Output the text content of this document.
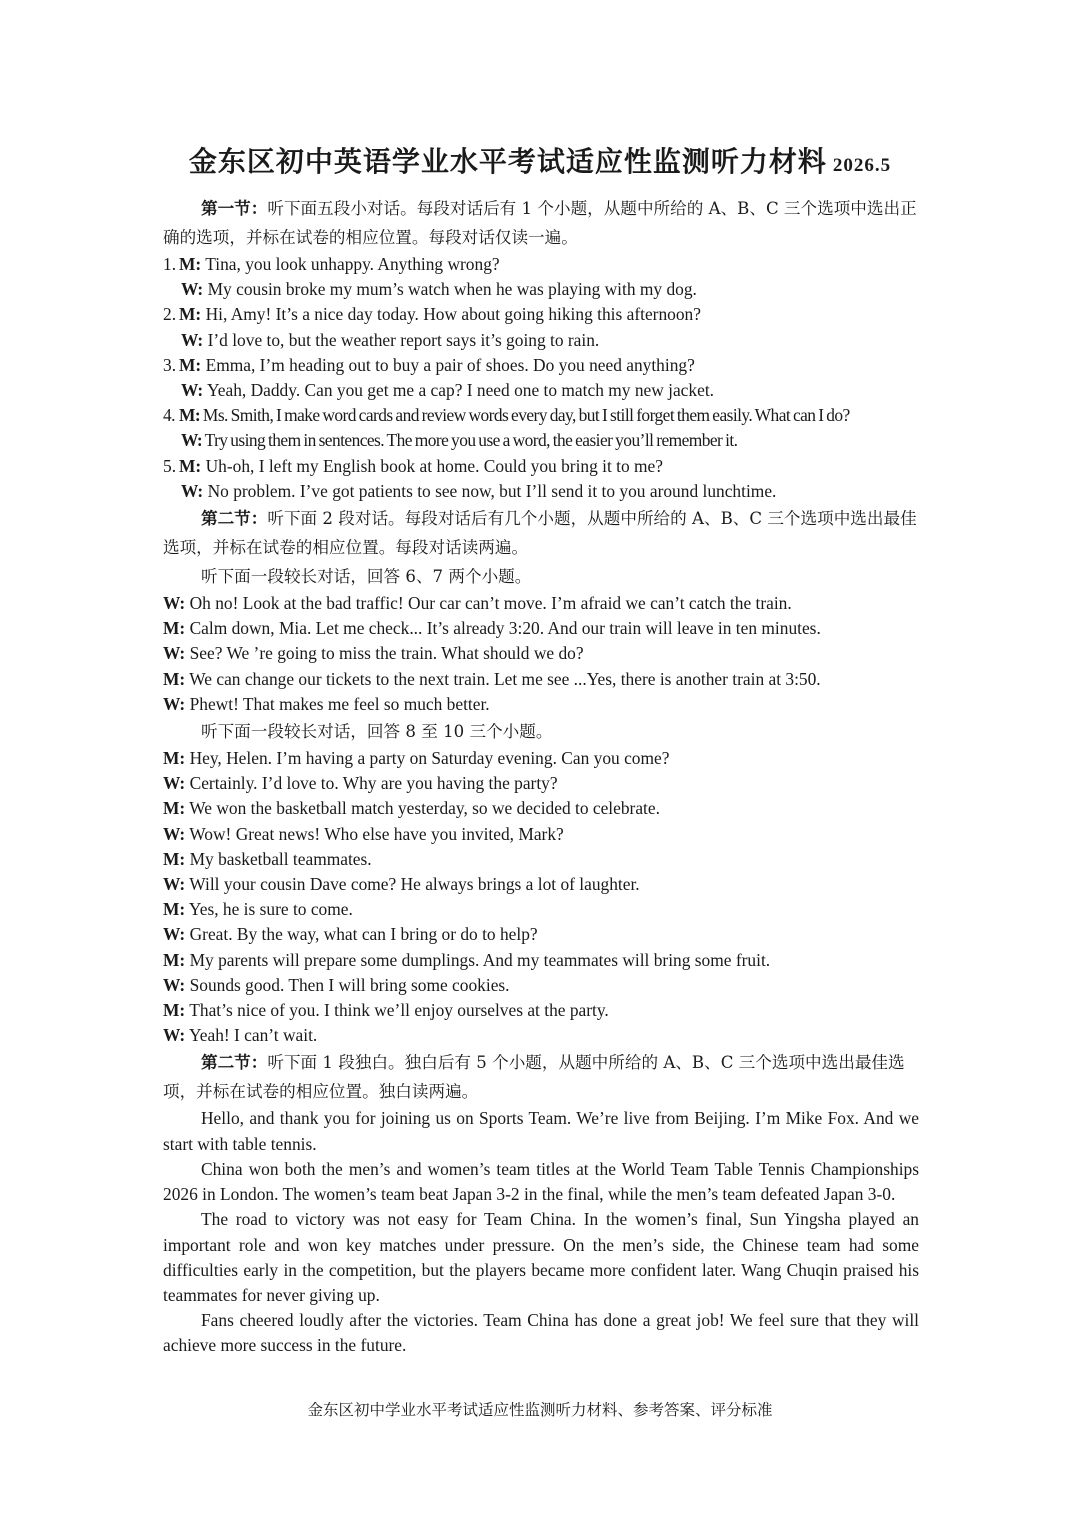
金东区初中英语学业水平考试适应性监测听力材料 2026.5

第一节：听下面五段小对话。每段对话后有 1 个小题，从题中所给的 A、B、C 三个选项中选出正确的选项，并标在试卷的相应位置。每段对话仅读一遍。

1. M: Tina, you look unhappy. Anything wrong?

W: My cousin broke my mum’s watch when he was playing with my dog.

2. M: Hi, Amy! It’s a nice day today. How about going hiking this afternoon?

W: I’d love to, but the weather report says it’s going to rain.

3. M: Emma, I’m heading out to buy a pair of shoes. Do you need anything?

W: Yeah, Daddy. Can you get me a cap? I need one to match my new jacket.

4. M: Ms. Smith, I make word cards and review words every day, but I still forget them easily. What can I do?

W: Try using them in sentences. The more you use a word, the easier you’ll remember it.

5. M: Uh-oh, I left my English book at home. Could you bring it to me?

W: No problem. I’ve got patients to see now, but I’ll send it to you around lunchtime.

第二节：听下面 2 段对话。每段对话后有几个小题，从题中所给的 A、B、C 三个选项中选出最佳选项，并标在试卷的相应位置。每段对话读两遍。

听下面一段较长对话，回答 6、7 两个小题。

W: Oh no! Look at the bad traffic! Our car can’t move. I’m afraid we can’t catch the train.

M: Calm down, Mia. Let me check... It’s already 3:20. And our train will leave in ten minutes.

W: See? We ’re going to miss the train. What should we do?

M: We can change our tickets to the next train. Let me see ...Yes, there is another train at 3:50.

W: Phewt! That makes me feel so much better.

听下面一段较长对话，回答 8 至 10 三个小题。

M: Hey, Helen. I’m having a party on Saturday evening. Can you come?

W: Certainly. I’d love to. Why are you having the party?

M: We won the basketball match yesterday, so we decided to celebrate.

W: Wow! Great news! Who else have you invited, Mark?

M: My basketball teammates.

W: Will your cousin Dave come? He always brings a lot of laughter.

M: Yes, he is sure to come.

W: Great. By the way, what can I bring or do to help?

M: My parents will prepare some dumplings. And my teammates will bring some fruit.

W: Sounds good. Then I will bring some cookies.

M: That’s nice of you. I think we’ll enjoy ourselves at the party.

W: Yeah! I can’t wait.

第二节：听下面 1 段独白。独白后有 5 个小题，从题中所给的 A、B、C 三个选项中选出最佳选项，并标在试卷的相应位置。独白读两遍。

Hello, and thank you for joining us on Sports Team. We’re live from Beijing. I’m Mike Fox. And we start with table tennis.

China won both the men’s and women’s team titles at the World Team Table Tennis Championships 2026 in London. The women’s team beat Japan 3-2 in the final, while the men’s team defeated Japan 3-0.

The road to victory was not easy for Team China. In the women’s final, Sun Yingsha played an important role and won key matches under pressure. On the men’s side, the Chinese team had some difficulties early in the competition, but the players became more confident later. Wang Chuqin praised his teammates for never giving up.

Fans cheered loudly after the victories. Team China has done a great job! We feel sure that they will achieve more success in the future.

金东区初中学业水平考试适应性监测听力材料、参考答案、评分标准
